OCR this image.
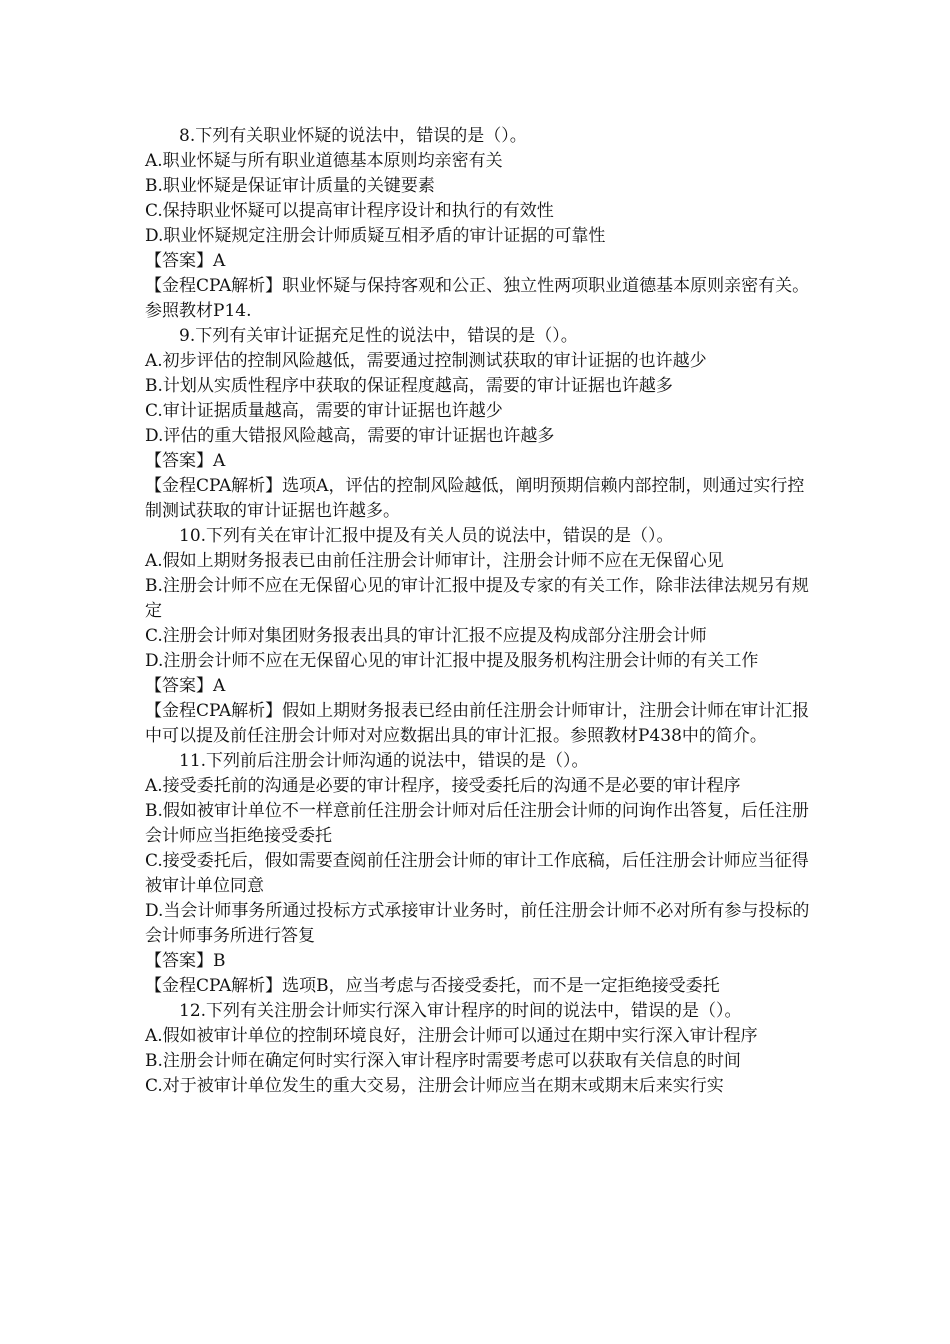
8.下列有关职业怀疑的说法中，错误的是（）。
A.职业怀疑与所有职业道德基本原则均亲密有关
B.职业怀疑是保证审计质量的关键要素
C.保持职业怀疑可以提高审计程序设计和执行的有效性
D.职业怀疑规定注册会计师质疑互相矛盾的审计证据的可靠性
【答案】A
【金程CPA解析】职业怀疑与保持客观和公正、独立性两项职业道德基本原则亲密有关。参照教材P14.
9.下列有关审计证据充足性的说法中，错误的是（）。
A.初步评估的控制风险越低，需要通过控制测试获取的审计证据的也许越少
B.计划从实质性程序中获取的保证程度越高，需要的审计证据也许越多
C.审计证据质量越高，需要的审计证据也许越少
D.评估的重大错报风险越高，需要的审计证据也许越多
【答案】A
【金程CPA解析】选项A，评估的控制风险越低，阐明预期信赖内部控制，则通过实行控制测试获取的审计证据也许越多。
10.下列有关在审计汇报中提及有关人员的说法中，错误的是（）。
A.假如上期财务报表已由前任注册会计师审计，注册会计师不应在无保留心见
B.注册会计师不应在无保留心见的审计汇报中提及专家的有关工作，除非法律法规另有规定
C.注册会计师对集团财务报表出具的审计汇报不应提及构成部分注册会计师
D.注册会计师不应在无保留心见的审计汇报中提及服务机构注册会计师的有关工作
【答案】A
【金程CPA解析】假如上期财务报表已经由前任注册会计师审计，注册会计师在审计汇报中可以提及前任注册会计师对对应数据出具的审计汇报。参照教材P438中的简介。
11.下列前后注册会计师沟通的说法中，错误的是（）。
A.接受委托前的沟通是必要的审计程序，接受委托后的沟通不是必要的审计程序
B.假如被审计单位不一样意前任注册会计师对后任注册会计师的问询作出答复，后任注册会计师应当拒绝接受委托
C.接受委托后，假如需要查阅前任注册会计师的审计工作底稿，后任注册会计师应当征得被审计单位同意
D.当会计师事务所通过投标方式承接审计业务时，前任注册会计师不必对所有参与投标的会计师事务所进行答复
【答案】B
【金程CPA解析】选项B，应当考虑与否接受委托，而不是一定拒绝接受委托
12.下列有关注册会计师实行深入审计程序的时间的说法中，错误的是（）。
A.假如被审计单位的控制环境良好，注册会计师可以通过在期中实行深入审计程序
B.注册会计师在确定何时实行深入审计程序时需要考虑可以获取有关信息的时间
C.对于被审计单位发生的重大交易，注册会计师应当在期末或期末后来实行实
